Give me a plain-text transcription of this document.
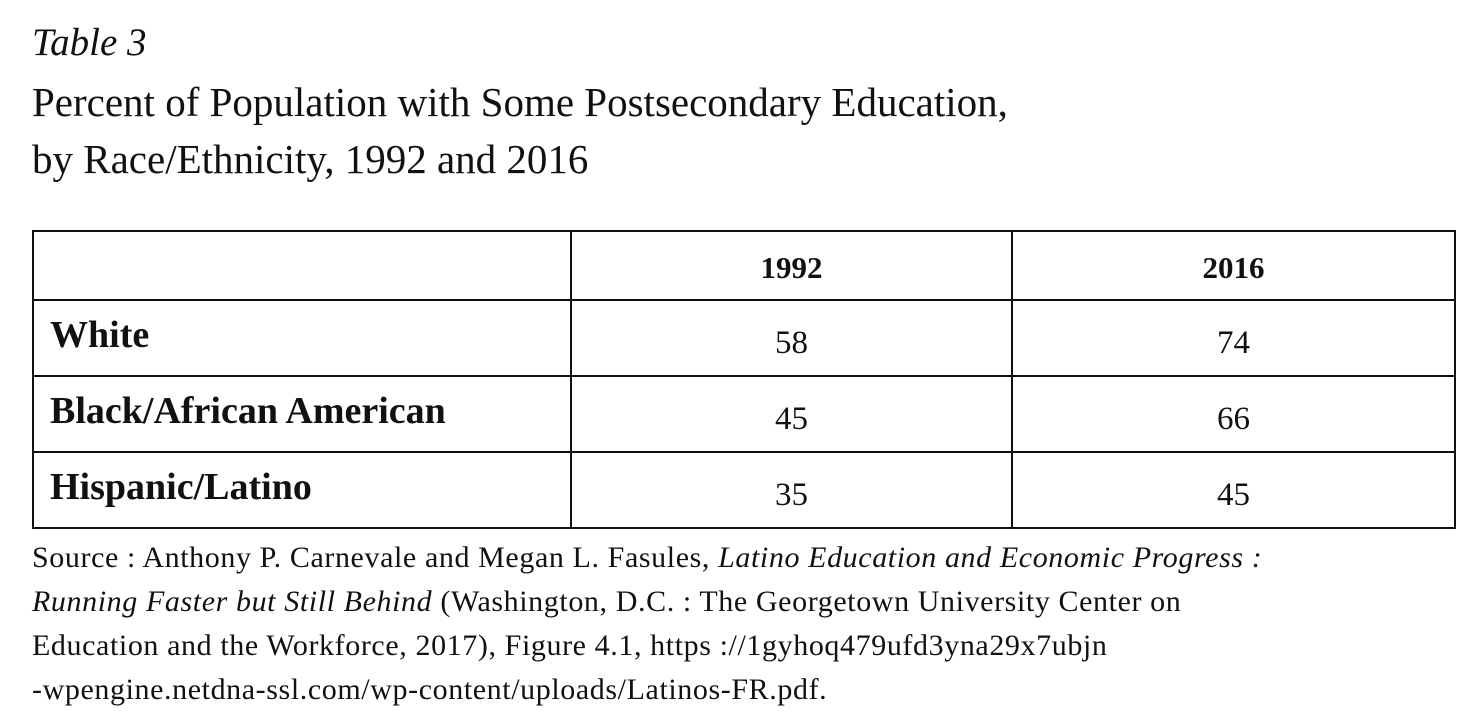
Table 3
Percent of Population with Some Postsecondary Education,
by Race/Ethnicity, 1992 and 2016
	1992	2016
White	58	74
Black/African American	45	66
Hispanic/Latino	35	45
Source : Anthony P. Carnevale and Megan L. Fasules, Latino Education and Economic Progress :
Running Faster but Still Behind (Washington, D.C. : The Georgetown University Center on
Education and the Workforce, 2017), Figure 4.1, https ://1gyhoq479ufd3yna29x7ubjn
-wpengine.netdna-ssl.com/wp-content/uploads/Latinos-FR.pdf.
